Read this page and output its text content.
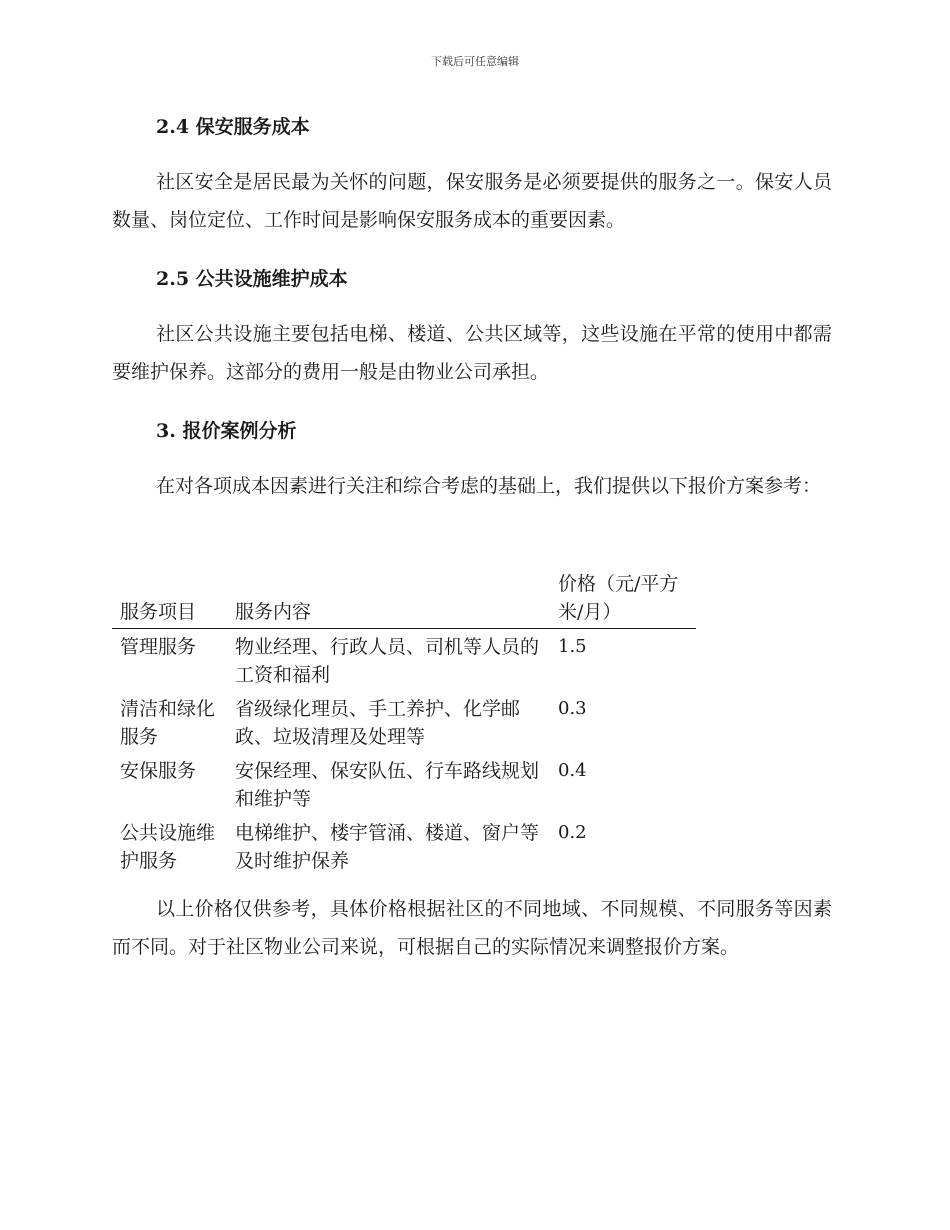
下载后可任意编辑
2.4 保安服务成本

社区安全是居民最为关怀的问题，保安服务是必须要提供的服务之一。保安人员数量、岗位定位、工作时间是影响保安服务成本的重要因素。

2.5 公共设施维护成本

社区公共设施主要包括电梯、楼道、公共区域等，这些设施在平常的使用中都需要维护保养。这部分的费用一般是由物业公司承担。

3. 报价案例分析

在对各项成本因素进行关注和综合考虑的基础上，我们提供以下报价方案参考：

服务项目	服务内容	价格（元/平方米/月）
管理服务	物业经理、行政人员、司机等人员的工资和福利	1.5
清洁和绿化服务	省级绿化理员、手工养护、化学邮政、垃圾清理及处理等	0.3
安保服务	安保经理、保安队伍、行车路线规划和维护等	0.4
公共设施维护服务	电梯维护、楼宇管涌、楼道、窗户等及时维护保养	0.2

以上价格仅供参考，具体价格根据社区的不同地域、不同规模、不同服务等因素而不同。对于社区物业公司来说，可根据自己的实际情况来调整报价方案。
